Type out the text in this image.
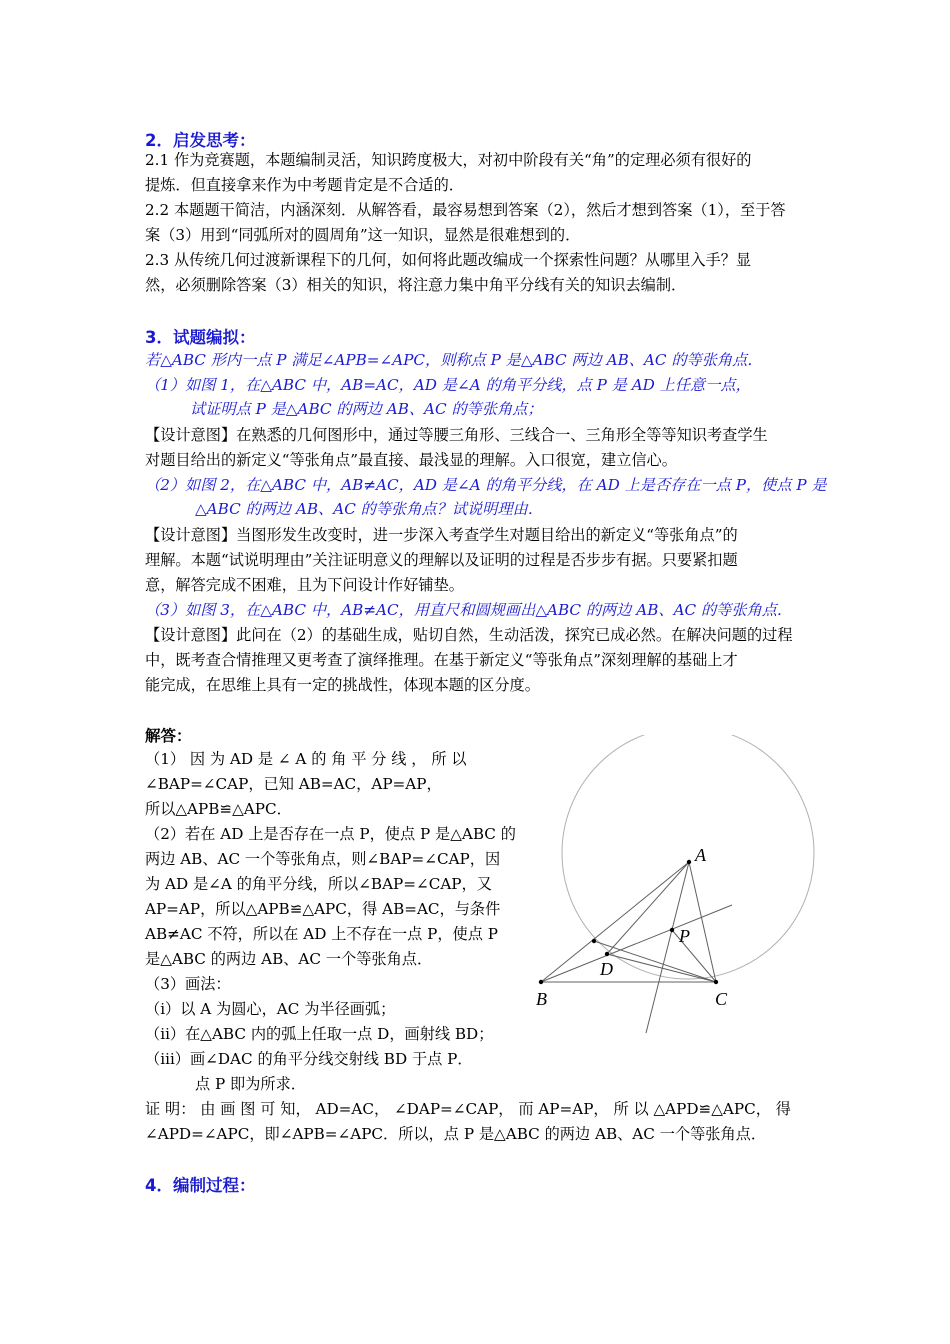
2．启发思考：
2.1 作为竞赛题，本题编制灵活，知识跨度极大，对初中阶段有关“角”的定理必须有很好的
提炼．但直接拿来作为中考题肯定是不合适的．
2.2 本题题干简洁，内涵深刻．从解答看，最容易想到答案（2），然后才想到答案（1），至于答
案（3）用到“同弧所对的圆周角”这一知识，显然是很难想到的．
2.3 从传统几何过渡新课程下的几何，如何将此题改编成一个探索性问题？从哪里入手？显
然，必须删除答案（3）相关的知识，将注意力集中角平分线有关的知识去编制．
3．试题编拟：
若△ABC 形内一点 P 满足∠APB=∠APC，则称点 P 是△ABC 两边 AB、AC 的等张角点．
（1）如图 1，在△ABC 中，AB=AC，AD 是∠A 的角平分线，点 P 是 AD 上任意一点，
试证明点 P 是△ABC 的两边 AB、AC 的等张角点；
【设计意图】在熟悉的几何图形中，通过等腰三角形、三线合一、三角形全等等知识考查学生
对题目给出的新定义“等张角点”最直接、最浅显的理解。入口很宽，建立信心。
（2）如图 2，在△ABC 中，AB≠AC，AD 是∠A 的角平分线，在 AD 上是否存在一点 P，使点 P 是
△ABC 的两边 AB、AC 的等张角点？试说明理由．
【设计意图】当图形发生改变时，进一步深入考查学生对题目给出的新定义“等张角点”的
理解。本题“试说明理由”关注证明意义的理解以及证明的过程是否步步有据。只要紧扣题
意，解答完成不困难，且为下问设计作好铺垫。
（3）如图 3，在△ABC 中，AB≠AC，用直尺和圆规画出△ABC 的两边 AB、AC 的等张角点．
【设计意图】此问在（2）的基础生成，贴切自然，生动活泼，探究已成必然。在解决问题的过程
中，既考查合情推理又更考查了演绎推理。在基于新定义“等张角点”深刻理解的基础上才
能完成，在思维上具有一定的挑战性，体现本题的区分度。
解答：
（1） 因 为 AD 是 ∠ A 的 角 平 分 线 ， 所 以
∠BAP=∠CAP，已知 AB=AC，AP=AP，
所以△APB≌△APC．
（2）若在 AD 上是否存在一点 P，使点 P 是△ABC 的
两边 AB、AC 一个等张角点，则∠BAP=∠CAP，因
为 AD 是∠A 的角平分线，所以∠BAP=∠CAP，又
AP=AP，所以△APB≌△APC，得 AB=AC，与条件
AB≠AC 不符，所以在 AD 上不存在一点 P，使点 P
是△ABC 的两边 AB、AC 一个等张角点．
（3）画法：
（ⅰ）以 A 为圆心，AC 为半径画弧；
（ⅱ）在△ABC 内的弧上任取一点 D，画射线 BD；
（ⅲ）画∠DAC 的角平分线交射线 BD 于点 P．
点 P 即为所求．
证 明： 由 画 图 可 知， AD=AC， ∠DAP=∠CAP， 而 AP=AP， 所 以 △APD≌△APC， 得
∠APD=∠APC，即∠APB=∠APC．所以，点 P 是△ABC 的两边 AB、AC 一个等张角点．
4．编制过程：
A
P
D
B	C
